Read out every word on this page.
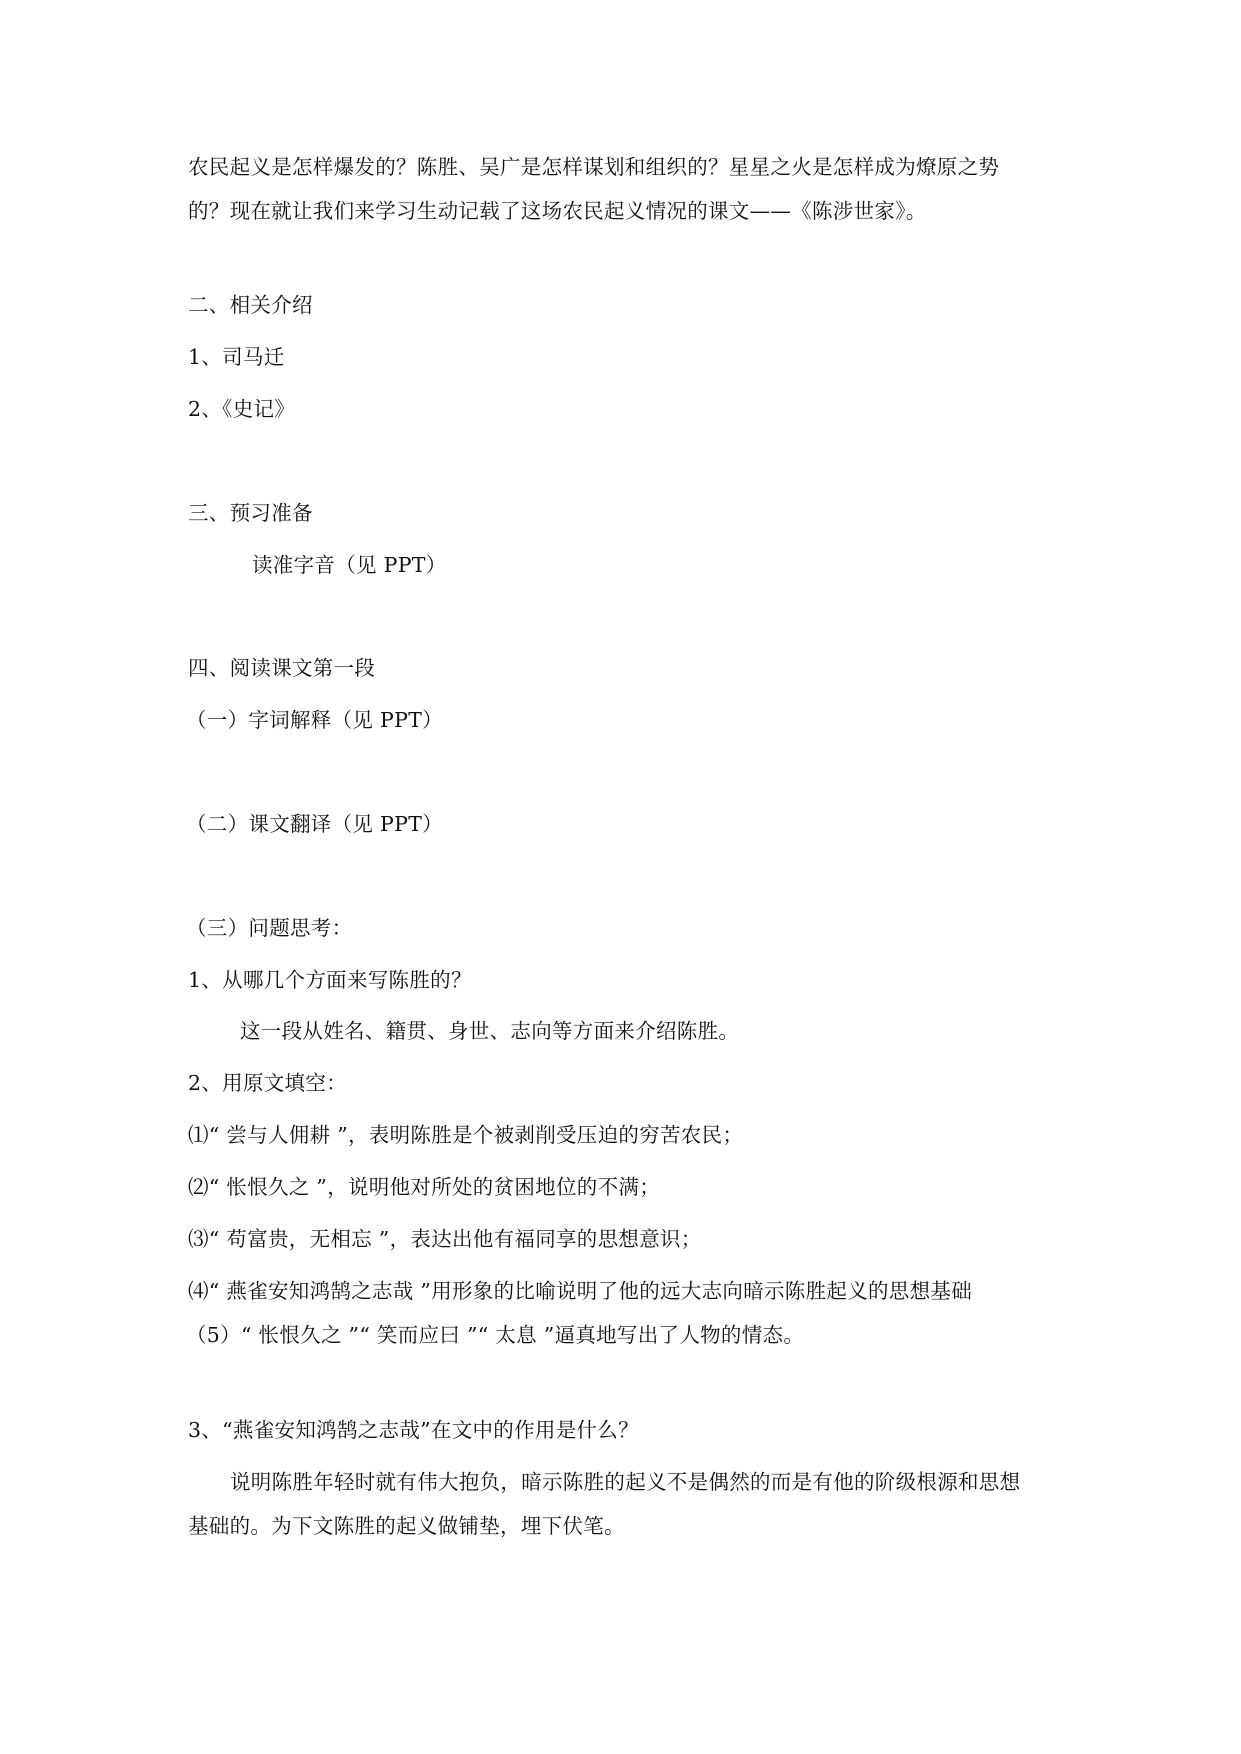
农民起义是怎样爆发的？陈胜、吴广是怎样谋划和组织的？星星之火是怎样成为燎原之势
的？现在就让我们来学习生动记载了这场农民起义情况的课文——《陈涉世家》。
二、相关介绍
1、司马迁
2、《史记》
三、预习准备
读准字音（见 PPT）
四、阅读课文第一段
（一）字词解释（见 PPT）
（二）课文翻译（见 PPT）
（三）问题思考：
1、从哪几个方面来写陈胜的？
这一段从姓名、籍贯、身世、志向等方面来介绍陈胜。
2、用原文填空：
⑴“ 尝与人佣耕 ”，表明陈胜是个被剥削受压迫的穷苦农民；
⑵“ 怅恨久之 ”，说明他对所处的贫困地位的不满；
⑶“ 苟富贵，无相忘 ”，表达出他有福同享的思想意识；
⑷“ 燕雀安知鸿鹄之志哉 ”用形象的比喻说明了他的远大志向暗示陈胜起义的思想基础
（5）“ 怅恨久之 ”“ 笑而应曰 ”“ 太息 ”逼真地写出了人物的情态。
3、“燕雀安知鸿鹄之志哉”在文中的作用是什么？
说明陈胜年轻时就有伟大抱负，暗示陈胜的起义不是偶然的而是有他的阶级根源和思想
基础的。为下文陈胜的起义做铺垫，埋下伏笔。
